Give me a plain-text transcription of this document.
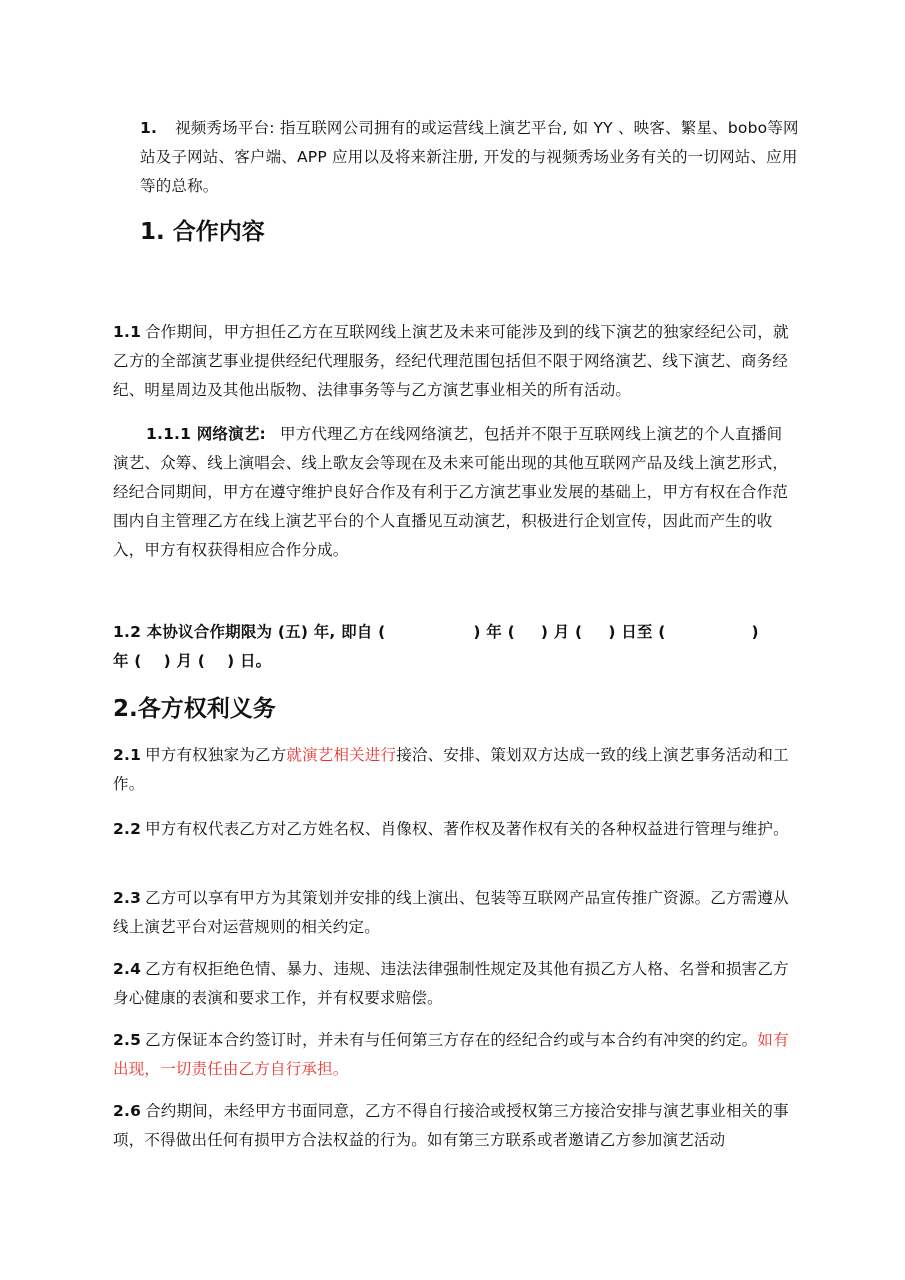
1. 视频秀场平台: 指互联网公司拥有的或运营线上演艺平台, 如 YY 、映客、繁星、bobo等网站及子网站、客户端、APP 应用以及将来新注册, 开发的与视频秀场业务有关的一切网站、应用等的总称。

1. 合作内容

1.1 合作期间，甲方担任乙方在互联网线上演艺及未来可能涉及到的线下演艺的独家经纪公司，就乙方的全部演艺事业提供经纪代理服务，经纪代理范围包括但不限于网络演艺、线下演艺、商务经纪、明星周边及其他出版物、法律事务等与乙方演艺事业相关的所有活动。

1.1.1 网络演艺: 甲方代理乙方在线网络演艺，包括并不限于互联网线上演艺的个人直播间演艺、众筹、线上演唱会、线上歌友会等现在及未来可能出现的其他互联网产品及线上演艺形式，经纪合同期间，甲方在遵守维护良好合作及有利于乙方演艺事业发展的基础上，甲方有权在合作范围内自主管理乙方在线上演艺平台的个人直播见互动演艺，积极进行企划宣传，因此而产生的收入，甲方有权获得相应合作分成。

1.2 本协议合作期限为 (五) 年, 即自 (	) 年 ( ) 月 ( ) 日至 (	)
年 ( ) 月 ( ) 日。
2.各方权利义务

2.1 甲方有权独家为乙方就演艺相关进行接洽、安排、策划双方达成一致的线上演艺事务活动和工作。

2.2 甲方有权代表乙方对乙方姓名权、肖像权、著作权及著作权有关的各种权益进行管理与维护。

2.3 乙方可以享有甲方为其策划并安排的线上演出、包装等互联网产品宣传推广资源。乙方需遵从线上演艺平台对运营规则的相关约定。

2.4 乙方有权拒绝色情、暴力、违规、违法法律强制性规定及其他有损乙方人格、名誉和损害乙方身心健康的表演和要求工作，并有权要求赔偿。

2.5 乙方保证本合约签订时，并未有与任何第三方存在的经纪合约或与本合约有冲突的约定。如有出现，一切责任由乙方自行承担。

2.6 合约期间，未经甲方书面同意，乙方不得自行接洽或授权第三方接洽安排与演艺事业相关的事项，不得做出任何有损甲方合法权益的行为。如有第三方联系或者邀请乙方参加演艺活动
